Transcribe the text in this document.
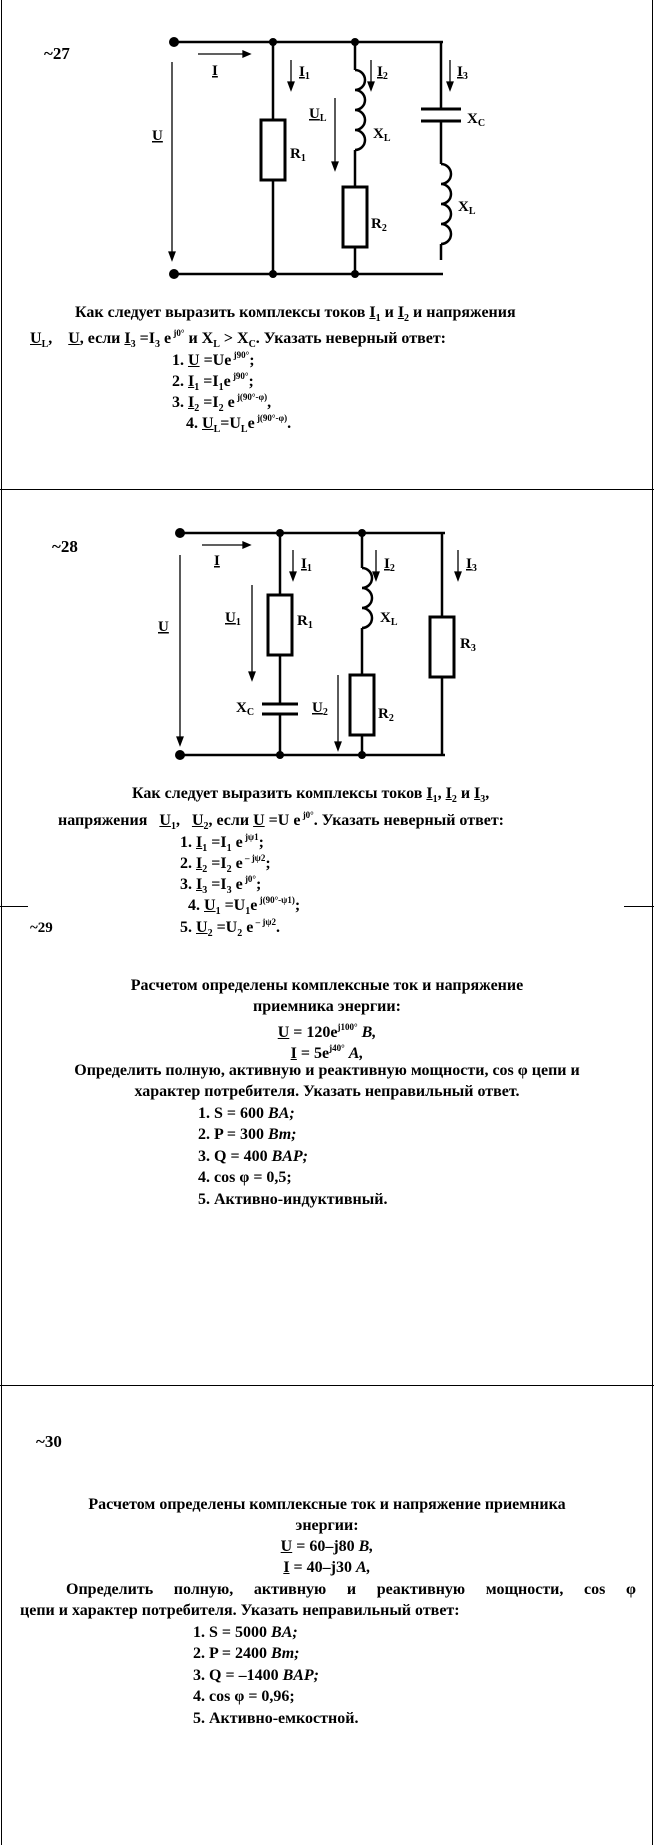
~27
I
U
$I_1$	$I_2$	$I_3$
$U_L$
$R_1$
$R_2$
$X_L$
$X_L$
$X_C$
Как следует выразить комплексы токов $I_1$ и $I_2$ и напряжения
$U_L$,    U, если $I_3 =I_3$ e $^{j0^\circ}$ и $X_L > X_C$. Указать неверный ответ:
1. U =Ue $^{j90^\circ}$;
2. $I_1 =I_1e$ $^{j90^\circ}$;
3. $I_2 =I_2$ e $^{j(90^\circ-\varphi)}$,
4. $U_L=U_Le$ $^{j(90^\circ-\varphi)}$.
~28
I
U
$I_1$	$I_2$	$I_3$
$U_1$
$U_2$
$R_1$
$R_2$
$R_3$
$X_L$
$X_C$
Как следует выразить комплексы токов $I_1$, $I_2$ и $I_3$,
напряжения $U_1$,   $U_2$, если U =U e $^{j0^\circ}$. Указать неверный ответ:
1. $I_1 =I_1$ e $^{j\psi 1}$;
2. $I_2 =I_2$ e $^{- j\psi 2}$;
3. $I_3 =I_3$ e $^{j0^\circ}$;
4. $U_1 =U_1e$ $^{j(90^\circ-\psi 1)}$;
5. $U_2 =U_2$ e $^{- j\psi 2}$.
~29
Расчетом определены комплексные ток и напряжение
приемника энергии:
$U = 120e^{j100^\circ}$ B,
$I = 5e^{j40^\circ}$ A,
Определить полную, активную и реактивную мощности, cos φ цепи и
характер потребителя. Указать неправильный ответ.
1. S = 600 BA;
2. P = 300 Bm;
3. Q = 400 BAP;
4. cos φ = 0,5;
5. Активно-индуктивный.
~30
Расчетом определены комплексные ток и напряжение приемника
энергии:
U = 60–j80 B,
I = 40–j30 A,
Определить полную, активную и реактивную мощности, cos φ
цепи и характер потребителя. Указать неправильный ответ:
1. S = 5000 BA;
2. P = 2400 Bm;
3. Q = –1400 BAP;
4. cos φ = 0,96;
5. Активно-емкостной.
